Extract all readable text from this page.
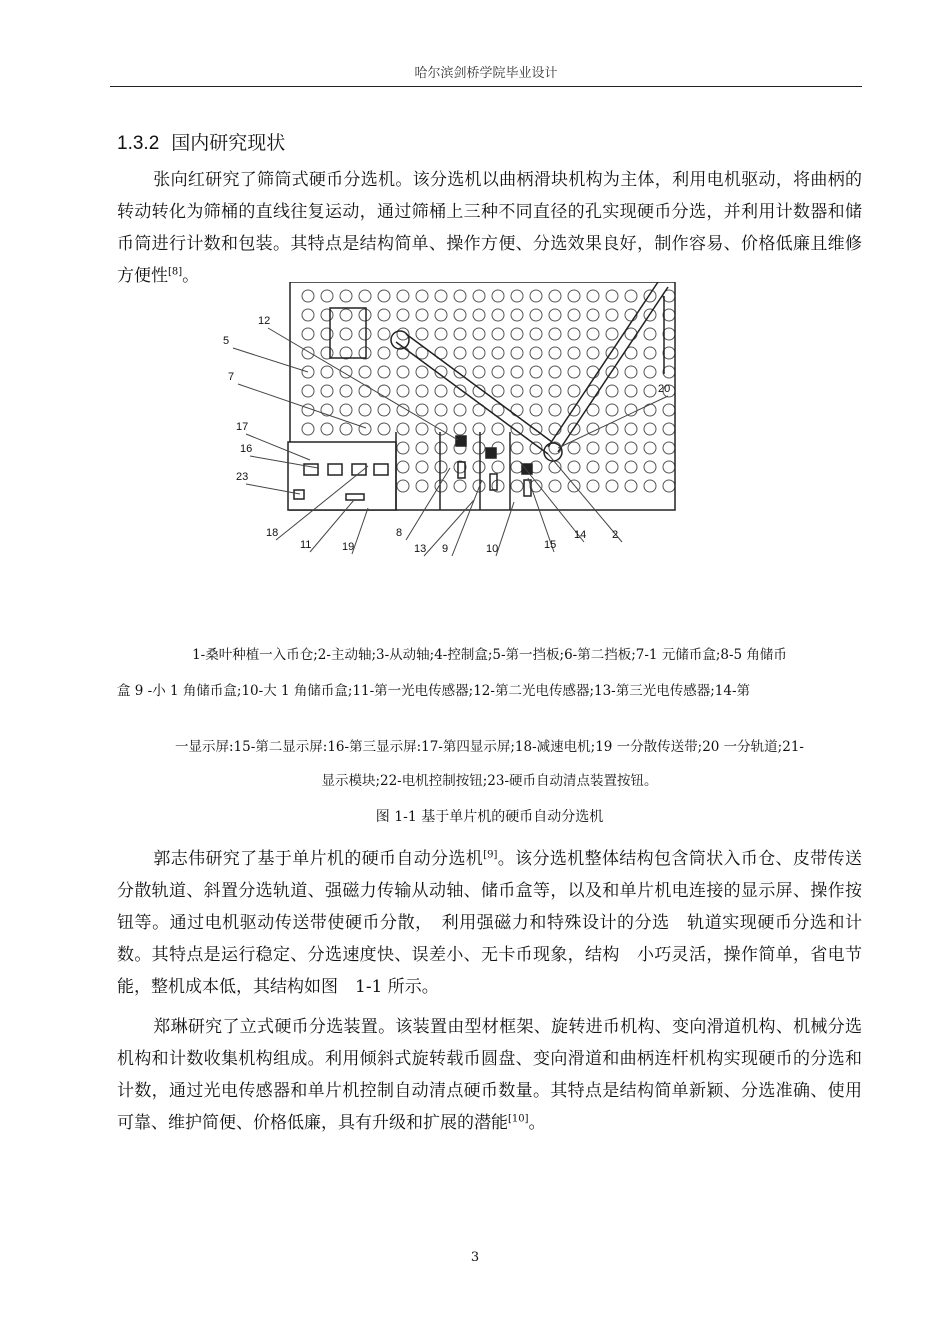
哈尔滨剑桥学院毕业设计
1.3.2 国内研究现状
张向红研究了筛筒式硬币分选机。该分选机以曲柄滑块机构为主体，利用电机驱动，将曲柄的转动转化为筛桶的直线往复运动，通过筛桶上三种不同直径的孔实现硬币分选，并利用计数器和储币筒进行计数和包装。其特点是结构简单、操作方便、分选效果良好，制作容易、价格低廉且维修方便性[8]。
12
5
7
17
16
23
18
11	19
8
13 9	10	15
14 2
20
1-桑叶种植一入币仓;2-主动轴;3-从动轴;4-控制盒;5-第一挡板;6-第二挡板;7-1 元储币盒;8-5 角储币
盒 9 -小 1 角储币盒;10-大 1 角储币盒;11-第一光电传感器;12-第二光电传感器;13-第三光电传感器;14-第
一显示屏:15-第二显示屏:16-第三显示屏:17-第四显示屏;18-减速电机;19 一分散传送带;20 一分轨道;21-
显示模块;22-电机控制按钮;23-硬币自动清点装置按钮。
图 1-1 基于单片机的硬币自动分选机
郭志伟研究了基于单片机的硬币自动分选机[9]。该分选机整体结构包含筒状入币仓、皮带传送分散轨道、斜置分选轨道、强磁力传输从动轴、储币盒等，以及和单片机电连接的显示屏、操作按钮等。通过电机驱动传送带使硬币分散，　利用强磁力和特殊设计的分选　轨道实现硬币分选和计数。其特点是运行稳定、分选速度快、误差小、无卡币现象，结构　小巧灵活，操作简单，省电节能，整机成本低，其结构如图　1-1 所示。
郑琳研究了立式硬币分选装置。该装置由型材框架、旋转进币机构、变向滑道机构、机械分选机构和计数收集机构组成。利用倾斜式旋转载币圆盘、变向滑道和曲柄连杆机构实现硬币的分选和计数，通过光电传感器和单片机控制自动清点硬币数量。其特点是结构简单新颖、分选准确、使用可靠、维护简便、价格低廉，具有升级和扩展的潜能[10]。
3
